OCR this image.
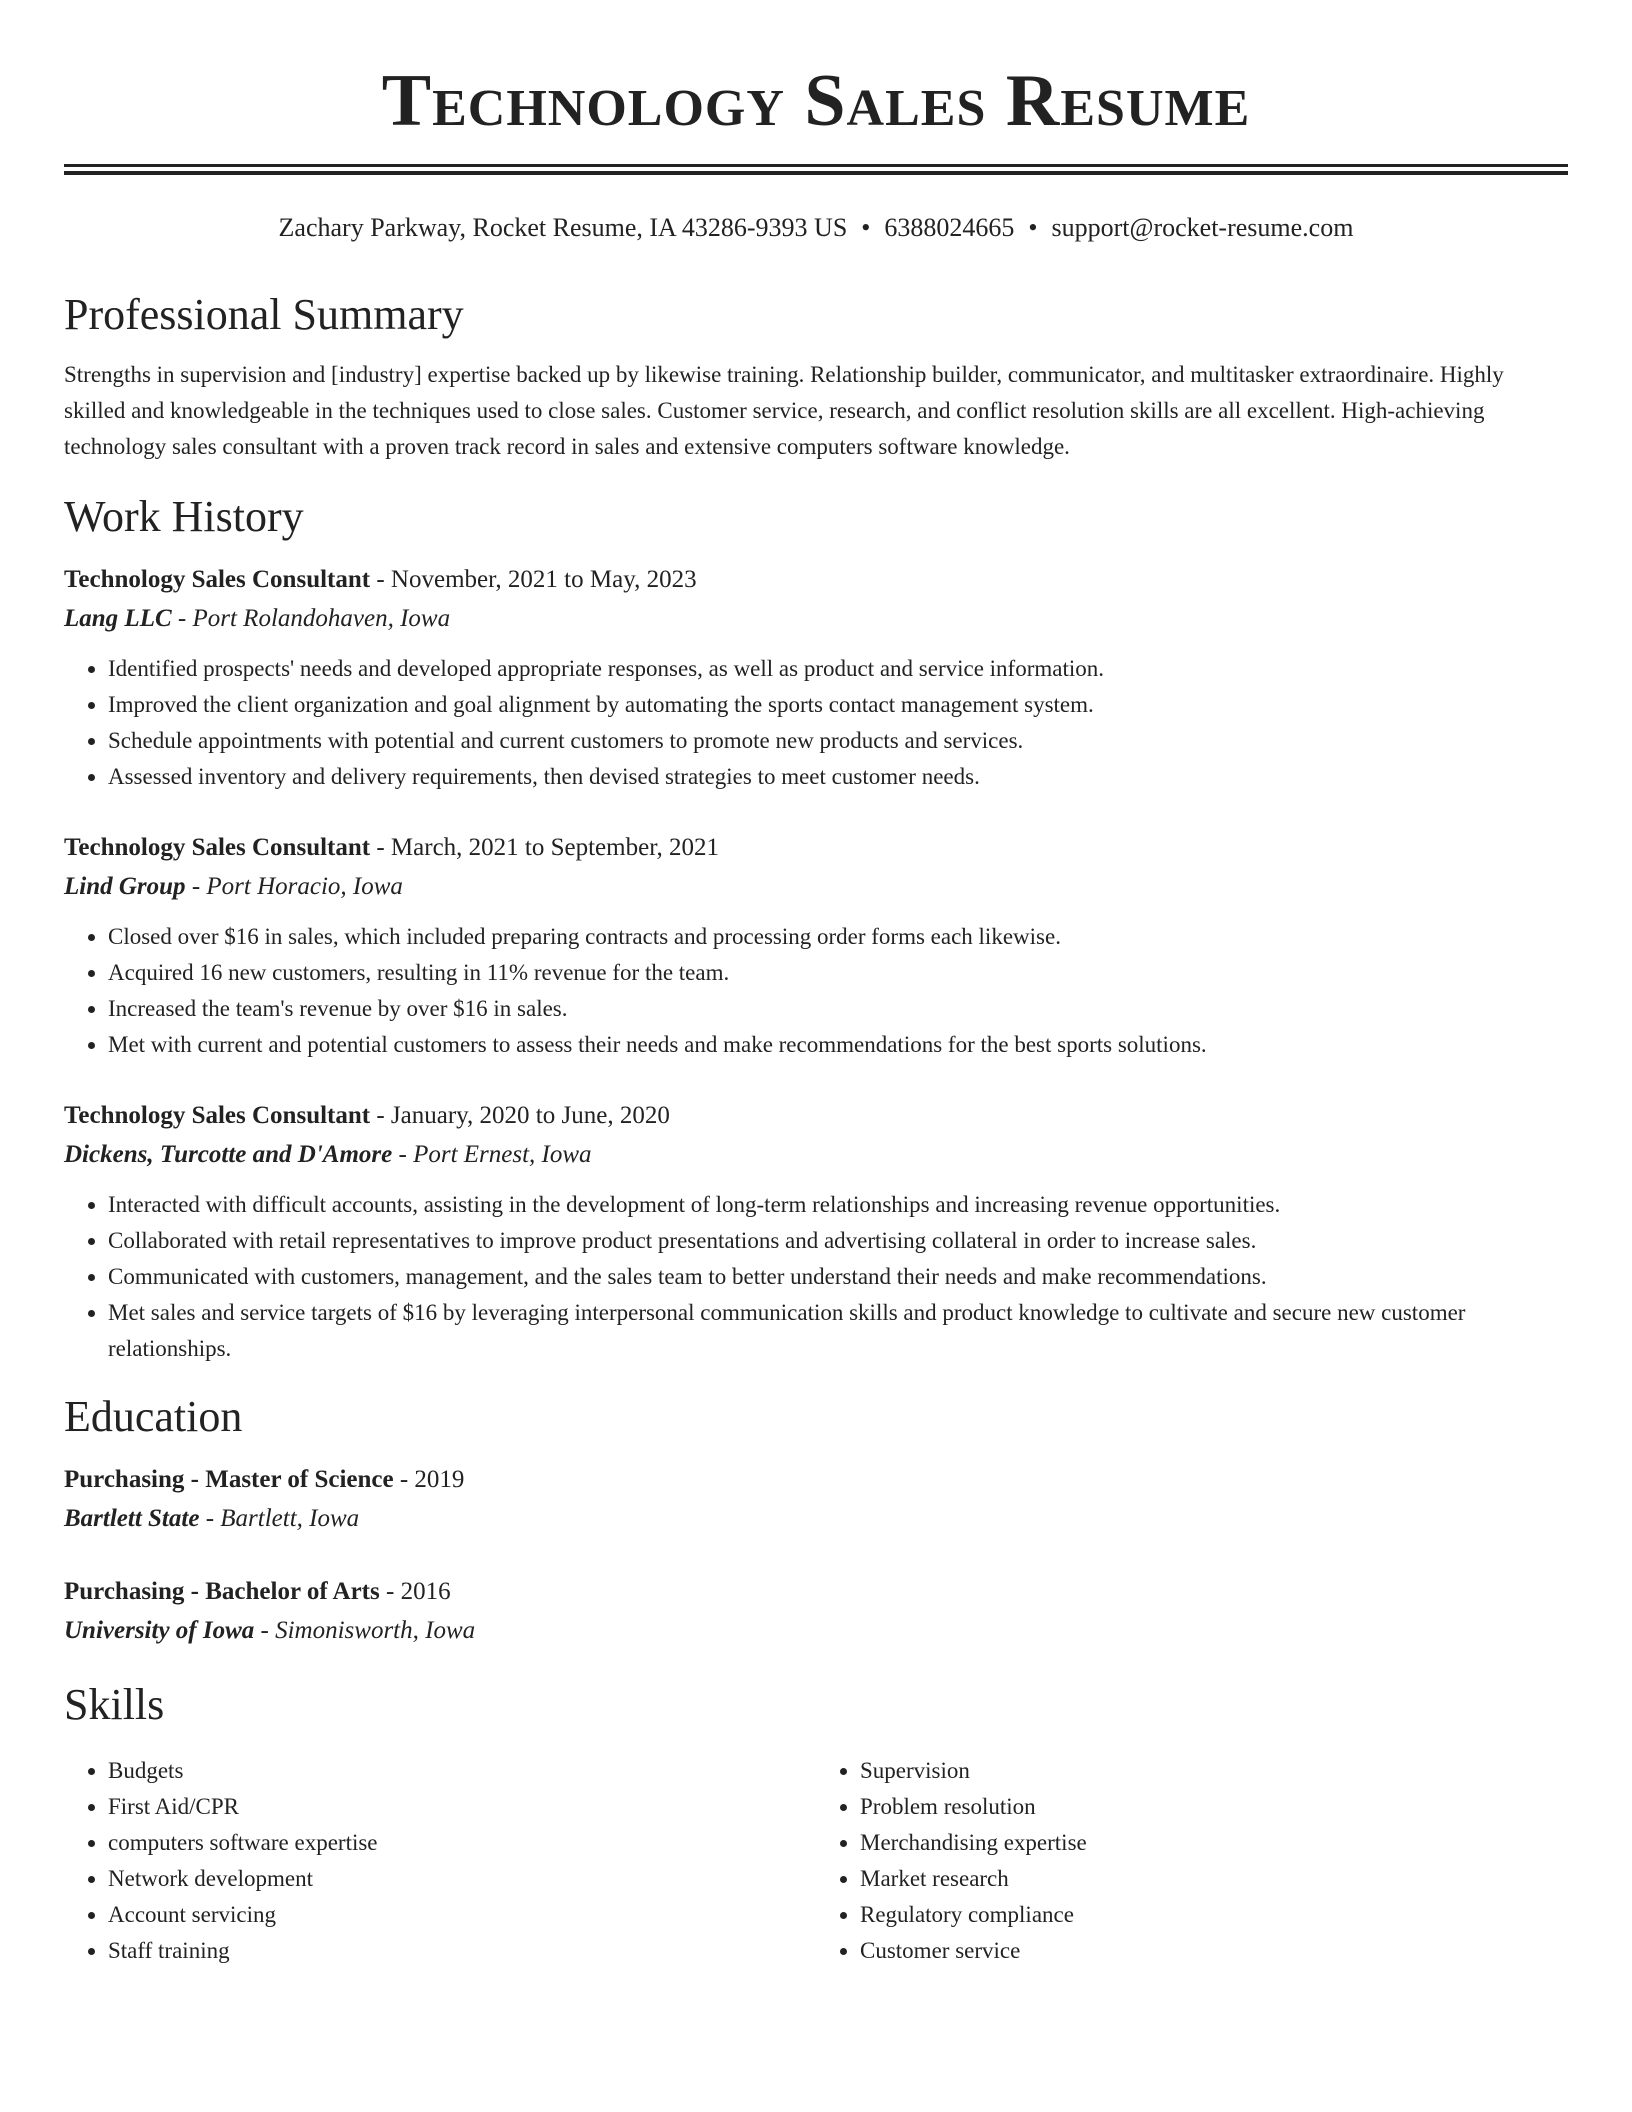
Technology Sales Resume
Zachary Parkway, Rocket Resume, IA 43286-9393 US • 6388024665 • support@rocket-resume.com
Professional Summary
Strengths in supervision and [industry] expertise backed up by likewise training. Relationship builder, communicator, and multitasker extraordinaire. Highly skilled and knowledgeable in the techniques used to close sales. Customer service, research, and conflict resolution skills are all excellent. High-achieving technology sales consultant with a proven track record in sales and extensive computers software knowledge.
Work History
Technology Sales Consultant - November, 2021 to May, 2023
Lang LLC - Port Rolandohaven, Iowa
• Identified prospects' needs and developed appropriate responses, as well as product and service information.
• Improved the client organization and goal alignment by automating the sports contact management system.
• Schedule appointments with potential and current customers to promote new products and services.
• Assessed inventory and delivery requirements, then devised strategies to meet customer needs.
Technology Sales Consultant - March, 2021 to September, 2021
Lind Group - Port Horacio, Iowa
• Closed over $16 in sales, which included preparing contracts and processing order forms each likewise.
• Acquired 16 new customers, resulting in 11% revenue for the team.
• Increased the team's revenue by over $16 in sales.
• Met with current and potential customers to assess their needs and make recommendations for the best sports solutions.
Technology Sales Consultant - January, 2020 to June, 2020
Dickens, Turcotte and D'Amore - Port Ernest, Iowa
• Interacted with difficult accounts, assisting in the development of long-term relationships and increasing revenue opportunities.
• Collaborated with retail representatives to improve product presentations and advertising collateral in order to increase sales.
• Communicated with customers, management, and the sales team to better understand their needs and make recommendations.
• Met sales and service targets of $16 by leveraging interpersonal communication skills and product knowledge to cultivate and secure new customer relationships.
Education
Purchasing - Master of Science - 2019
Bartlett State - Bartlett, Iowa
Purchasing - Bachelor of Arts - 2016
University of Iowa - Simonisworth, Iowa
Skills
• Budgets
• First Aid/CPR
• computers software expertise
• Network development
• Account servicing
• Staff training
• Supervision
• Problem resolution
• Merchandising expertise
• Market research
• Regulatory compliance
• Customer service
